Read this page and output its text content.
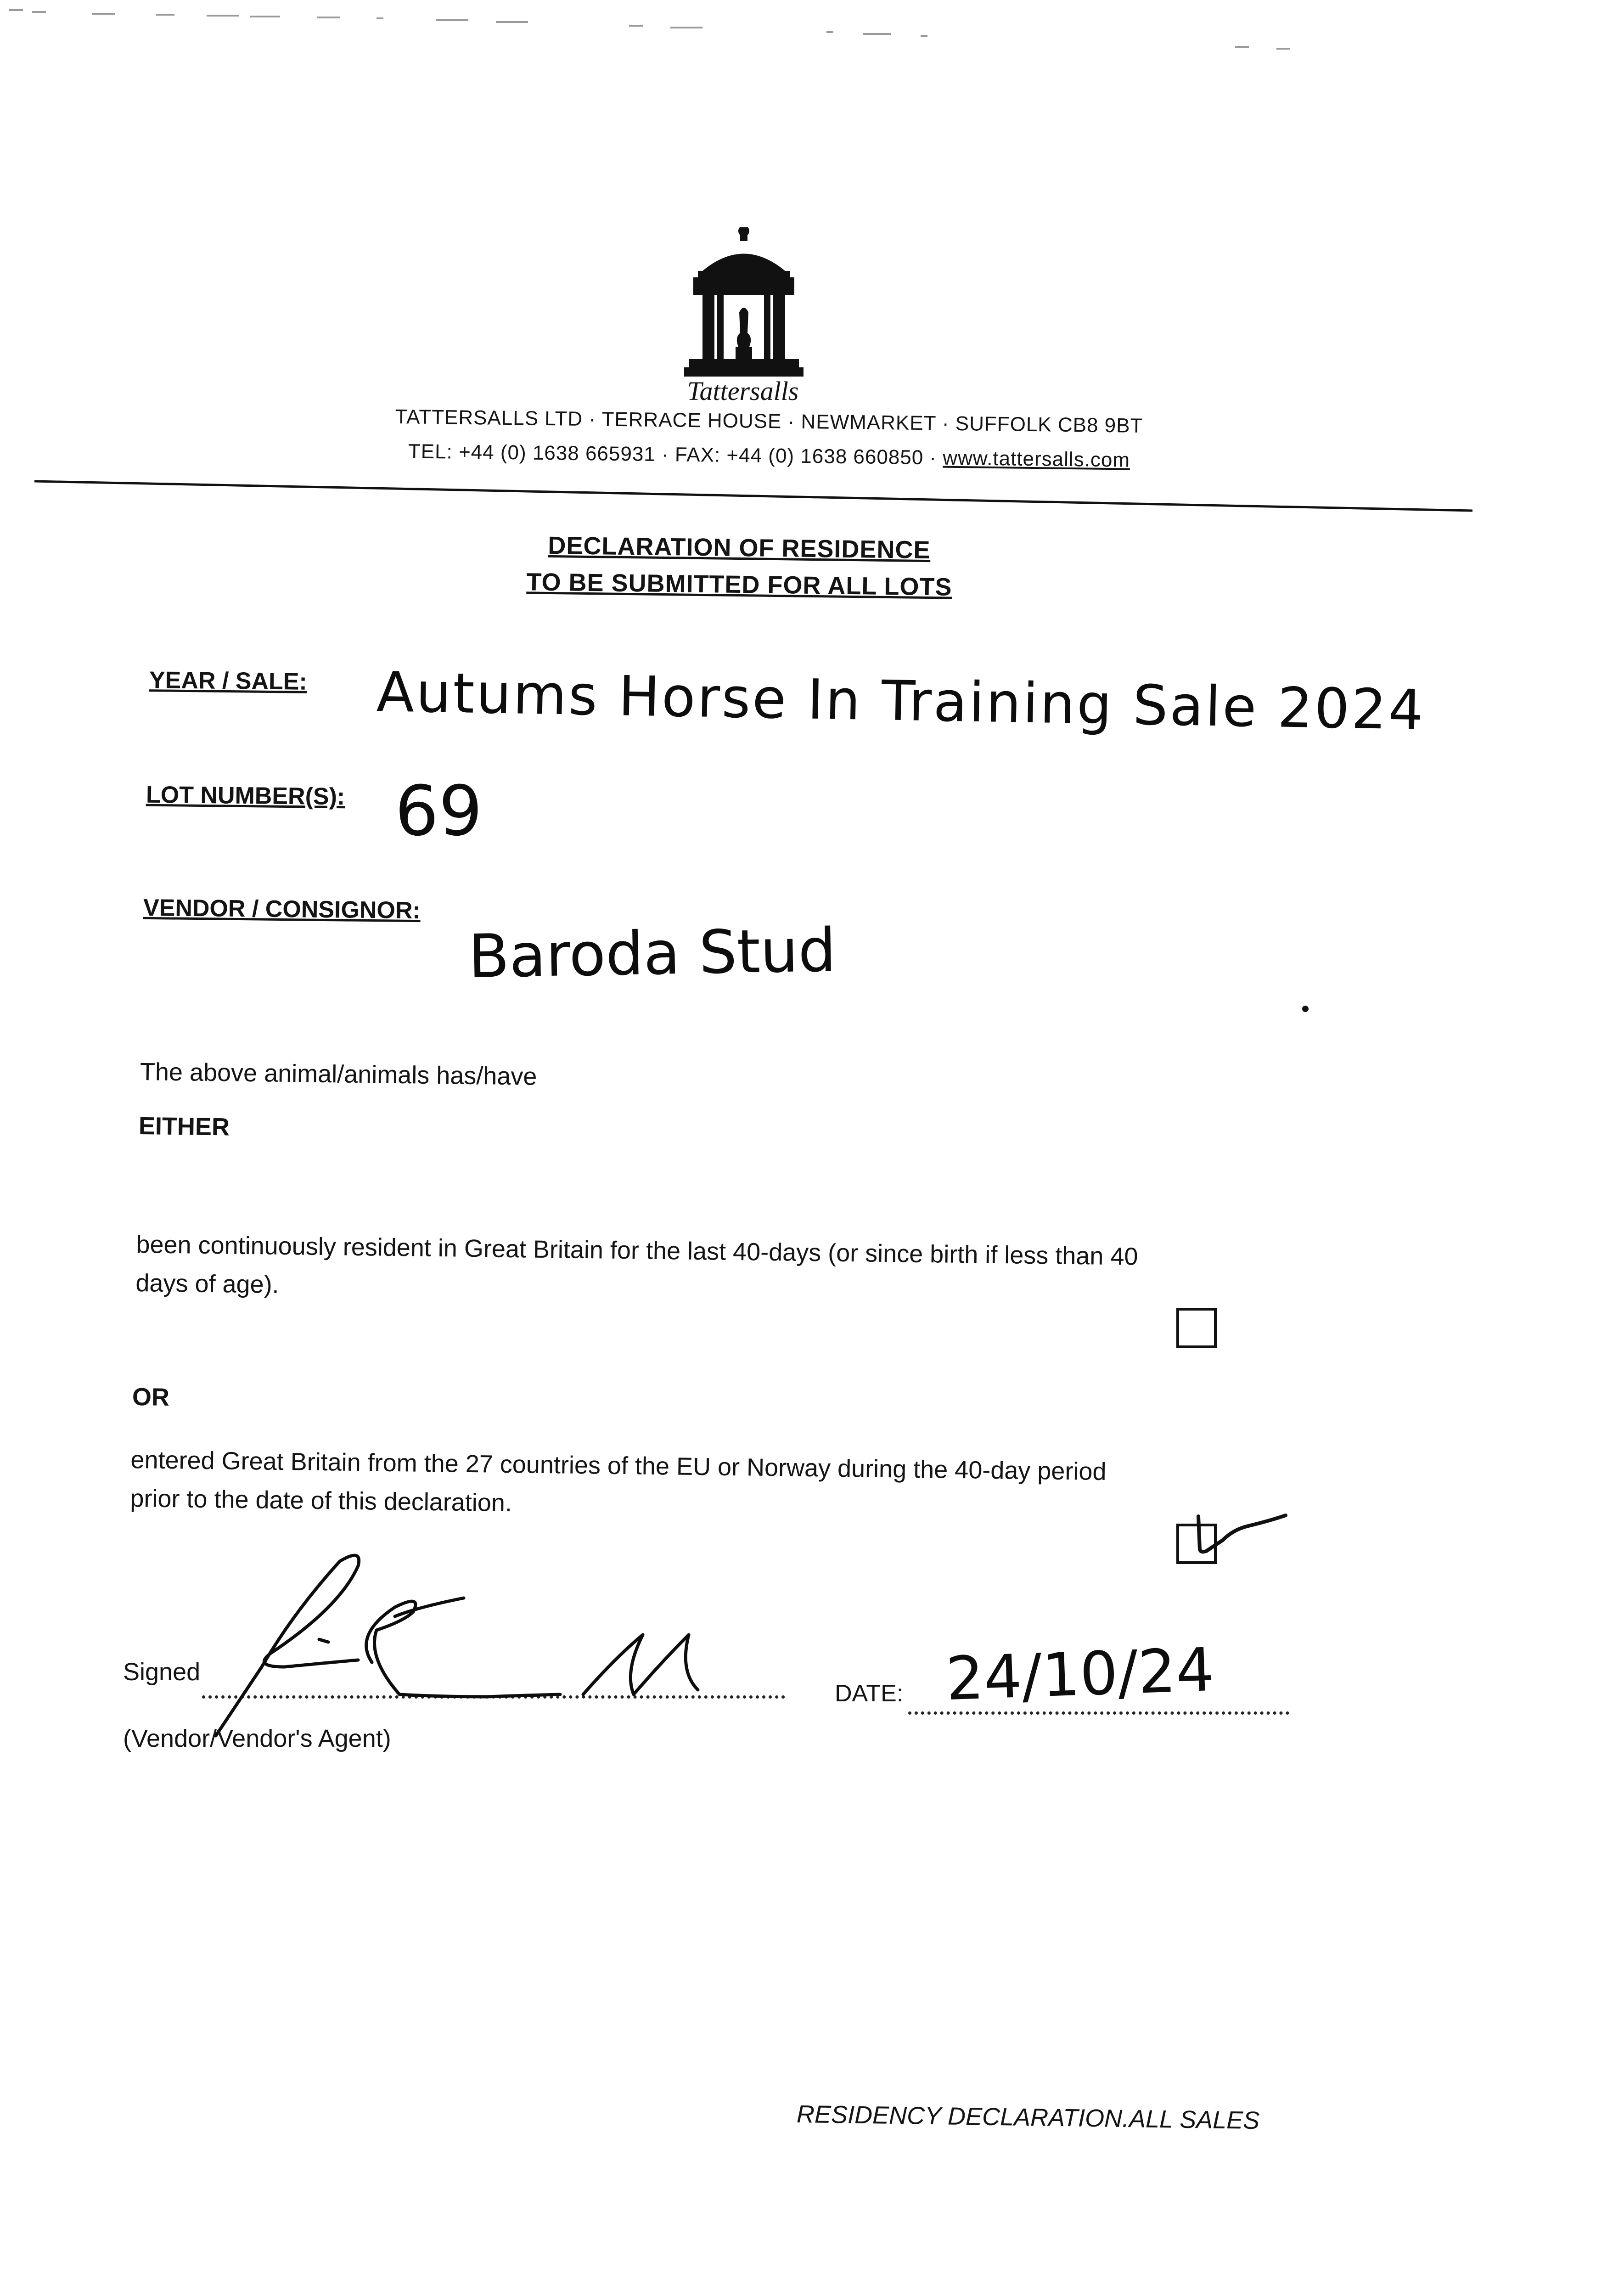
Tattersalls
TATTERSALLS LTD · TERRACE HOUSE · NEWMARKET · SUFFOLK CB8 9BT
TEL: +44 (0) 1638 665931 · FAX: +44 (0) 1638 660850 · www.tattersalls.com
DECLARATION OF RESIDENCE
TO BE SUBMITTED FOR ALL LOTS
YEAR / SALE: Autums Horse In Training Sale 2024
LOT NUMBER(S): 69
VENDOR / CONSIGNOR:
Baroda Stud
The above animal/animals has/have
EITHER
been continuously resident in Great Britain for the last 40-days (or since birth if less than 40
days of age).
OR
entered Great Britain from the 27 countries of the EU or Norway during the 40-day period
prior to the date of this declaration.
Signed
(Vendor/Vendor's Agent)
DATE: 24/10/24
RESIDENCY DECLARATION.ALL SALES
